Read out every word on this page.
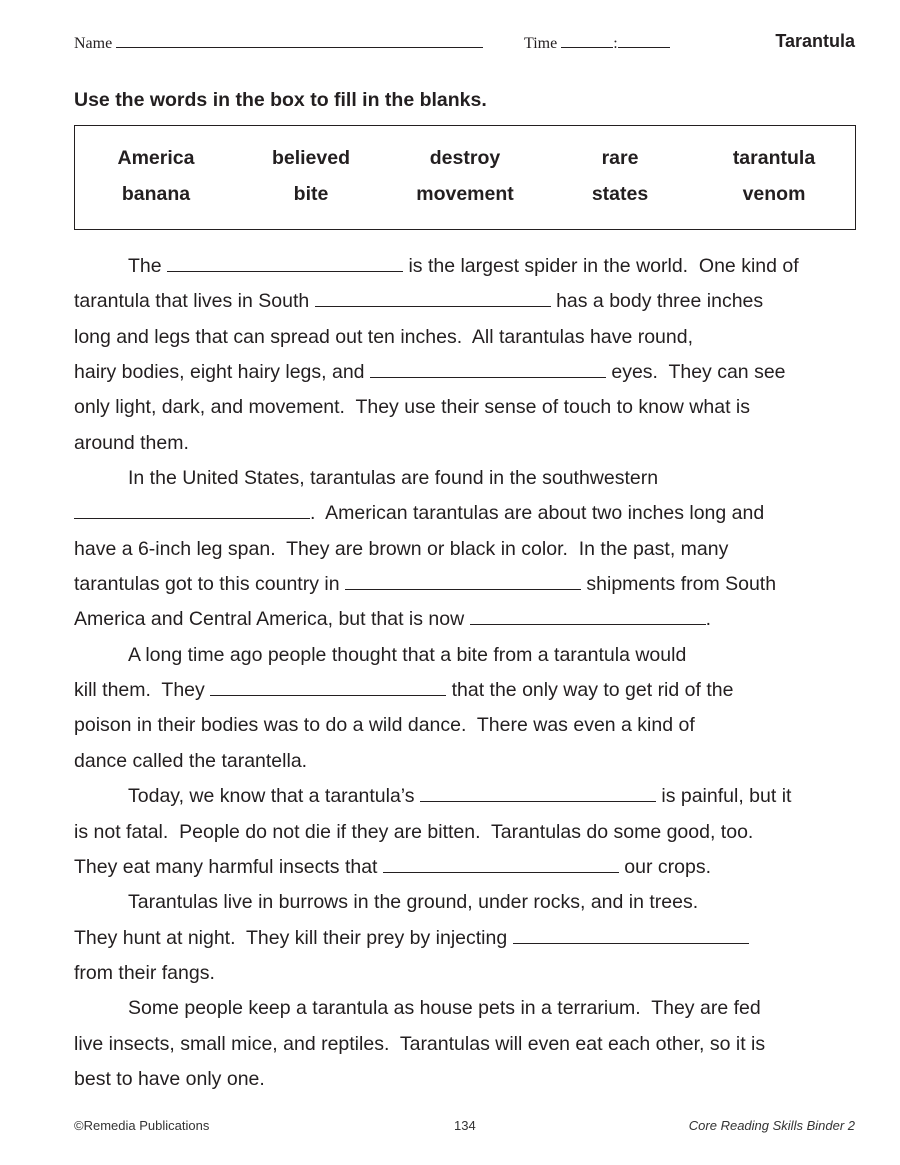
Name	Time	:	Tarantula
Use the words in the box to fill in the blanks.
America	believed	destroy	rare	tarantula
banana	bite	movement	states	venom
The	is the largest spider in the world.  One kind of
tarantula that lives in South	has a body three inches
long and legs that can spread out ten inches.  All tarantulas have round,
hairy bodies, eight hairy legs, and	eyes.  They can see
only light, dark, and movement.  They use their sense of touch to know what is
around them.
In the United States, tarantulas are found in the southwestern
.  American tarantulas are about two inches long and
have a 6-inch leg span.  They are brown or black in color.  In the past, many
tarantulas got to this country in	shipments from South
America and Central America, but that is now	.
A long time ago people thought that a bite from a tarantula would
kill them.  They	that the only way to get rid of the
poison in their bodies was to do a wild dance.  There was even a kind of
dance called the tarantella.
Today, we know that a tarantula’s	is painful, but it
is not fatal.  People do not die if they are bitten.  Tarantulas do some good, too.
They eat many harmful insects that	our crops.
Tarantulas live in burrows in the ground, under rocks, and in trees.
They hunt at night.  They kill their prey by injecting
from their fangs.
Some people keep a tarantula as house pets in a terrarium.  They are fed
live insects, small mice, and reptiles.  Tarantulas will even eat each other, so it is
best to have only one.
©Remedia Publications	134	Core Reading Skills Binder 2
